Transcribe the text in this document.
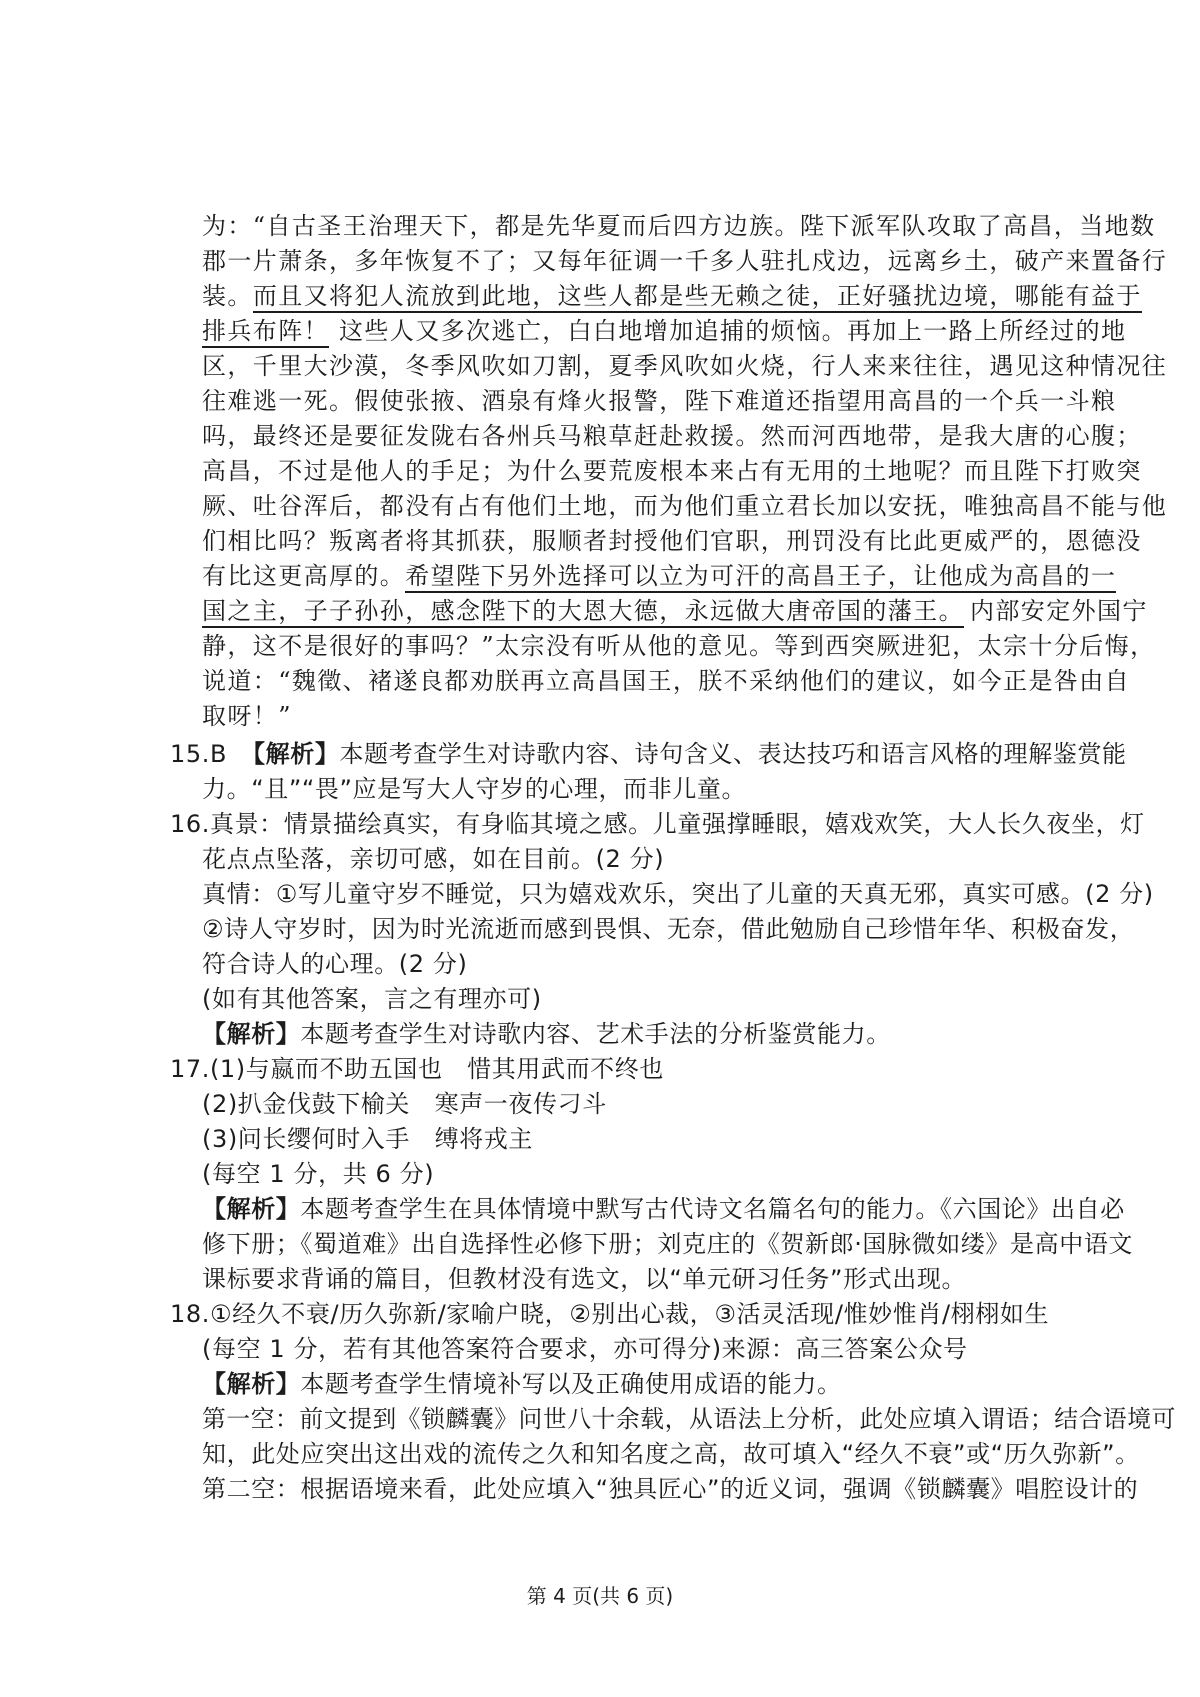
为：“自古圣王治理天下，都是先华夏而后四方边族。陛下派军队攻取了高昌，当地数
郡一片萧条，多年恢复不了；又每年征调一千多人驻扎戍边，远离乡土，破产来置备行
装。而且又将犯人流放到此地，这些人都是些无赖之徒，正好骚扰边境，哪能有益于
排兵布阵！ 这些人又多次逃亡，白白地增加追捕的烦恼。再加上一路上所经过的地
区，千里大沙漠，冬季风吹如刀割，夏季风吹如火烧，行人来来往往，遇见这种情况往
往难逃一死。假使张掖、酒泉有烽火报警，陛下难道还指望用高昌的一个兵一斗粮
吗，最终还是要征发陇右各州兵马粮草赶赴救援。然而河西地带，是我大唐的心腹；
高昌，不过是他人的手足；为什么要荒废根本来占有无用的土地呢？而且陛下打败突
厥、吐谷浑后，都没有占有他们土地，而为他们重立君长加以安抚，唯独高昌不能与他
们相比吗？叛离者将其抓获，服顺者封授他们官职，刑罚没有比此更威严的，恩德没
有比这更高厚的。希望陛下另外选择可以立为可汗的高昌王子，让他成为高昌的一
国之主，子子孙孙，感念陛下的大恩大德，永远做大唐帝国的藩王。 内部安定外国宁
静，这不是很好的事吗？”太宗没有听从他的意见。等到西突厥进犯，太宗十分后悔，
说道：“魏徵、褚遂良都劝朕再立高昌国王，朕不采纳他们的建议，如今正是咎由自
取呀！”
15.B 【解析】本题考查学生对诗歌内容、诗句含义、表达技巧和语言风格的理解鉴赏能
力。“且”“畏”应是写大人守岁的心理，而非儿童。
16.真景：情景描绘真实，有身临其境之感。儿童强撑睡眼，嬉戏欢笑，大人长久夜坐，灯
花点点坠落，亲切可感，如在目前。(2 分)
真情：①写儿童守岁不睡觉，只为嬉戏欢乐，突出了儿童的天真无邪，真实可感。(2 分)
②诗人守岁时，因为时光流逝而感到畏惧、无奈，借此勉励自己珍惜年华、积极奋发，
符合诗人的心理。(2 分)
(如有其他答案，言之有理亦可)
【解析】本题考查学生对诗歌内容、艺术手法的分析鉴赏能力。
17.(1)与嬴而不助五国也　惜其用武而不终也
(2)扒金伐鼓下榆关　寒声一夜传刁斗
(3)问长缨何时入手　缚将戎主
(每空 1 分，共 6 分)
【解析】本题考查学生在具体情境中默写古代诗文名篇名句的能力。《六国论》出自必
修下册；《蜀道难》出自选择性必修下册；刘克庄的《贺新郎·国脉微如缕》是高中语文
课标要求背诵的篇目，但教材没有选文，以“单元研习任务”形式出现。
18.①经久不衰/历久弥新/家喻户晓，②别出心裁，③活灵活现/惟妙惟肖/栩栩如生
(每空 1 分，若有其他答案符合要求，亦可得分)来源：高三答案公众号
【解析】本题考查学生情境补写以及正确使用成语的能力。
第一空：前文提到《锁麟囊》问世八十余载，从语法上分析，此处应填入谓语；结合语境可
知，此处应突出这出戏的流传之久和知名度之高，故可填入“经久不衰”或“历久弥新”。
第二空：根据语境来看，此处应填入“独具匠心”的近义词，强调《锁麟囊》唱腔设计的
第 4 页(共 6 页)
